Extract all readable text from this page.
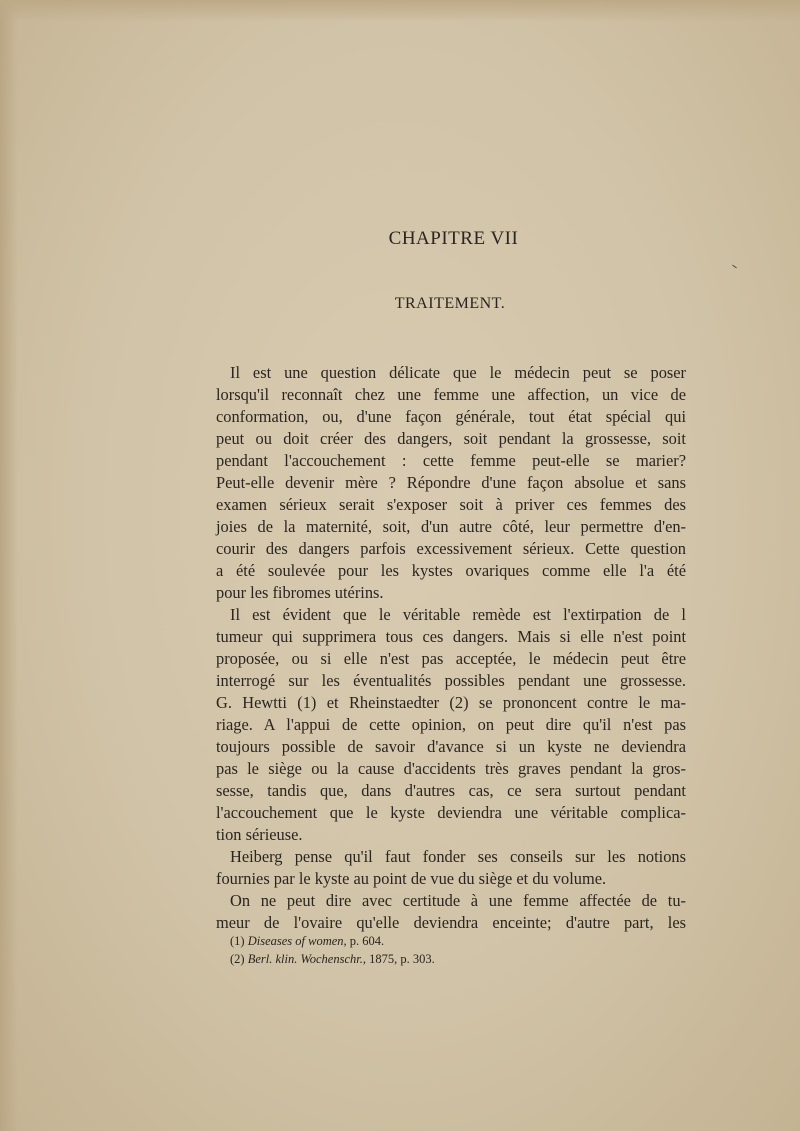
CHAPITRE VII
TRAITEMENT.
Il est une question délicate que le médecin peut se poser
lorsqu'il reconnaît chez une femme une affection, un vice de
conformation, ou, d'une façon générale, tout état spécial qui
peut ou doit créer des dangers, soit pendant la grossesse, soit
pendant l'accouchement : cette femme peut-elle se marier?
Peut-elle devenir mère ? Répondre d'une façon absolue et sans
examen sérieux serait s'exposer soit à priver ces femmes des
joies de la maternité, soit, d'un autre côté, leur permettre d'en-
courir des dangers parfois excessivement sérieux. Cette question
a été soulevée pour les kystes ovariques comme elle l'a été
pour les fibromes utérins.
Il est évident que le véritable remède est l'extirpation de l
tumeur qui supprimera tous ces dangers. Mais si elle n'est point
proposée, ou si elle n'est pas acceptée, le médecin peut être
interrogé sur les éventualités possibles pendant une grossesse.
G. Hewtti (1) et Rheinstaedter (2) se prononcent contre le ma-
riage. A l'appui de cette opinion, on peut dire qu'il n'est pas
toujours possible de savoir d'avance si un kyste ne deviendra
pas le siège ou la cause d'accidents très graves pendant la gros-
sesse, tandis que, dans d'autres cas, ce sera surtout pendant
l'accouchement que le kyste deviendra une véritable complica-
tion sérieuse.
Heiberg pense qu'il faut fonder ses conseils sur les notions
fournies par le kyste au point de vue du siège et du volume.
On ne peut dire avec certitude à une femme affectée de tu-
meur de l'ovaire qu'elle deviendra enceinte; d'autre part, les
(1) Diseases of women, p. 604.
(2) Berl. klin. Wochenschr., 1875, p. 303.
